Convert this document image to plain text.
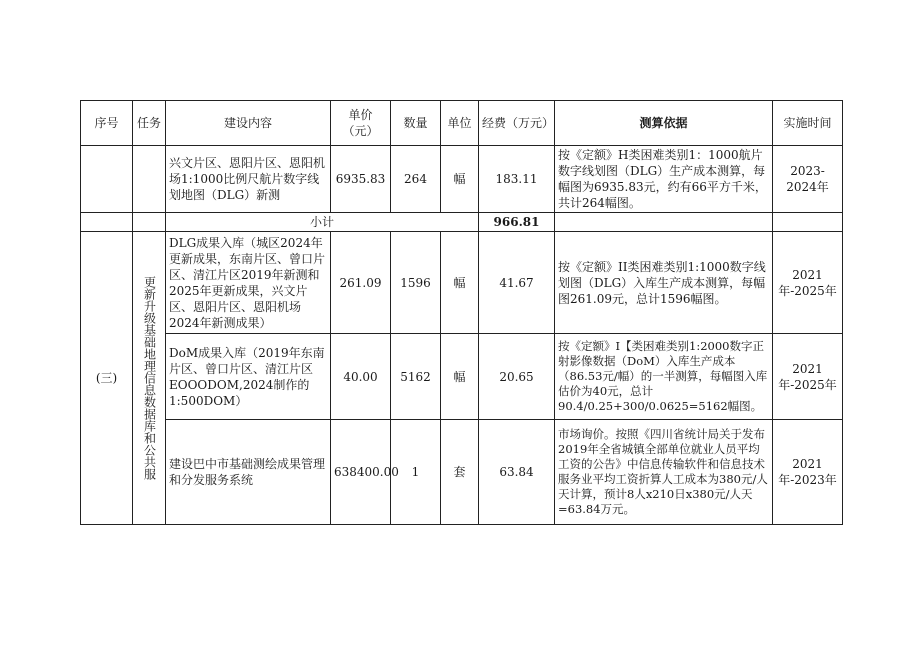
序号	任务	建设内容	单价（元）	数量	单位	经费（万元）	测算依据	实施时间
		兴文片区、恩阳片区、恩阳机场1:1000比例尺航片数字线划地图（DLG）新测	6935.83	264	幅	183.11	按《定额》H类困难类别1：1000航片数字线划图（DLG）生产成本测算，每幅图为6935.83元，约有66平方千米，共计264幅图。	2023-2024年
		小计				966.81		
(三)	更新升级基础地理信息数据库和公共服	DLG成果入库（城区2024年更新成果，东南片区、曾口片区、清江片区2019年新测和2025年更新成果，兴文片区、恩阳片区、恩阳机场2024年新测成果）	261.09	1596	幅	41.67	按《定额》II类困难类别1:1000数字线划图（DLG）入库生产成本测算，每幅图261.09元，总计1596幅图。	2021年-2025年
		DoM成果入库（2019年东南片区、曾口片区、清江片区EOOODOM,2024制作的1:500DOM）	40.00	5162	幅	20.65	按《定额》I【类困难类别1:2000数字正射影像数据（DoM）入库生产成本（86.53元/幅）的一半测算，每幅图入库估价为40元，总计90.4/0.25+300/0.0625=5162幅图。	2021年-2025年
		建设巴中市基础测绘成果管理和分发服务系统	638400.00	1	套	63.84	市场询价。按照《四川省统计局关于发布2019年全省城镇全部单位就业人员平均工资的公告》中信息传输软件和信息技术服务业平均工资折算人工成本为380元/人天计算，预计8人x210日x380元/人天=63.84万元。	2021年-2023年
